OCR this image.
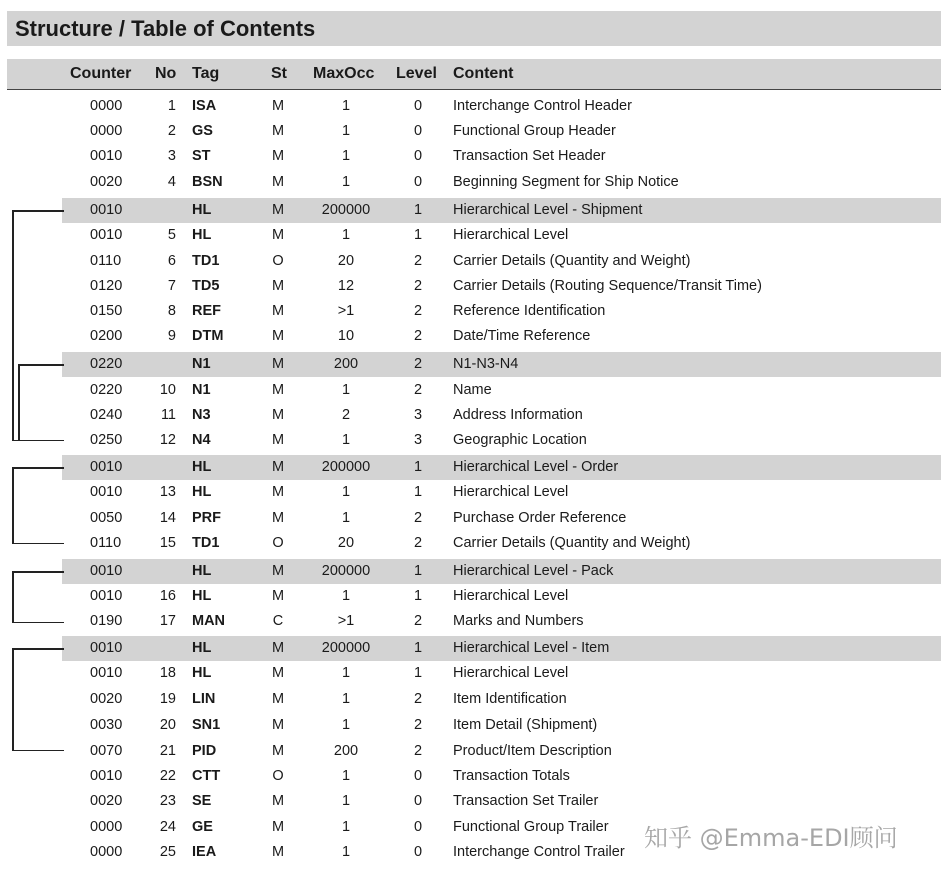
Structure / Table of Contents
Counter No Tag	St MaxOcc Level Content
0000	1 ISA	M	1	0	Interchange Control Header
0000	2 GS	M	1	0	Functional Group Header
0010	3 ST	M	1	0	Transaction Set Header
0020	4 BSN	M	1	0	Beginning Segment for Ship Notice
0010	HL	M	200000	1	Hierarchical Level - Shipment
0010	5 HL	M	1	1	Hierarchical Level
0110	6 TD1	O	20	2	Carrier Details (Quantity and Weight)
0120	7 TD5	M	12	2	Carrier Details (Routing Sequence/Transit Time)
0150	8 REF	M	>1	2	Reference Identification
0200	9 DTM	M	10	2	Date/Time Reference
0220	N1	M	200	2	N1-N3-N4
0220	10 N1	M	1	2	Name
0240	11 N3	M	2	3	Address Information
0250	12 N4	M	1	3	Geographic Location
0010	HL	M	200000	1	Hierarchical Level - Order
0010	13 HL	M	1	1	Hierarchical Level
0050	14 PRF	M	1	2	Purchase Order Reference
0110	15 TD1	O	20	2	Carrier Details (Quantity and Weight)
0010	HL	M	200000	1	Hierarchical Level - Pack
0010	16 HL	M	1	1	Hierarchical Level
0190	17 MAN	C	>1	2	Marks and Numbers
0010	HL	M	200000	1	Hierarchical Level - Item
0010	18 HL	M	1	1	Hierarchical Level
0020	19 LIN	M	1	2	Item Identification
0030	20 SN1	M	1	2	Item Detail (Shipment)
0070	21 PID	M	200	2	Product/Item Description
0010	22 CTT	O	1	0	Transaction Totals
0020	23 SE	M	1	0	Transaction Set Trailer
0000	24 GE	M	1	0	Functional Group Trailer
0000	25 IEA	M	1	0	Interchange Control Trailer 知乎 @Emma-EDI顾问
